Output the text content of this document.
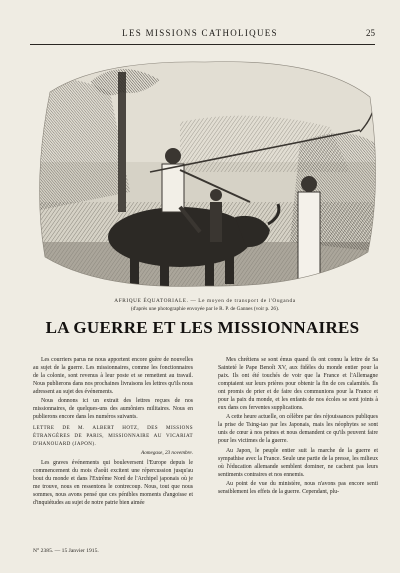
LES MISSIONS CATHOLIQUES	25
AFRIQUE ÉQUATORIALE. — Le moyen de transport de l'Ouganda
(d'après une photographie envoyée par le R. P. de Gannes (voir p. 26).
LA GUERRE ET LES MISSIONNAIRES

Les courriers parus ne nous apportent encore guère de nouvelles au sujet de la guerre. Les missionnaires, comme les fonctionnaires de la colonie, sont revenus à leur poste et se remettent au travail. Nous publierons dans nos prochaines livraisons les lettres qu'ils nous adressent au sujet des événements.

Nous donnons ici un extrait des lettres reçues de nos missionnaires, de quelques-uns des aumôniers militaires. Nous en publierons encore dans les numéros suivants.

LETTRE DE M. ALBERT HOTZ, DES MISSIONS ÉTRANGÈRES DE PARIS, MISSIONNAIRE AU VICARIAT D'HANOUARD (JAPON).

Aomegase, 23 novembre.

Les graves événements qui bouleversent l'Europe depuis le commencement du mois d'août excitent une répercussion jusqu'au bout du monde et dans l'Extrême Nord de l'Archipel japonais où je me trouve, nous en ressentons le contrecoup. Nous, tout que nous sommes, nous avons pensé que ces pénibles moments d'angoisse et d'inquiétudes au sujet de notre patrie bien aimée

Mes chrétiens se sont émus quand ils ont connu la lettre de Sa Sainteté le Pape Benoît XV, aux fidèles du monde entier pour la paix. Ils ont été touchés de voir que la France et l'Allemagne comptaient sur leurs prières pour obtenir la fin de ces calamités. Ils ont promis de prier et de faire des communions pour la France et pour la paix du monde, et les enfants de nos écoles se sont joints à eux dans ces ferventes supplications.

A cette heure actuelle, on célèbre par des réjouissances publiques la prise de Tsing-tao par les Japonais, mais les néophytes se sont unis de cœur à nos peines et nous demandent ce qu'ils peuvent faire pour les victimes de la guerre.

Au Japon, le peuple entier suit la marche de la guerre et sympathise avec la France. Seule une partie de la presse, les milieux où l'éducation allemande semblent dominer, ne cachent pas leurs sentiments contraires et nos ennemis.

Au point de vue du ministère, nous n'avons pas encore senti sensiblement les effets de la guerre. Cependant, plu-

N° 2385. — 15 Janvier 1915.
